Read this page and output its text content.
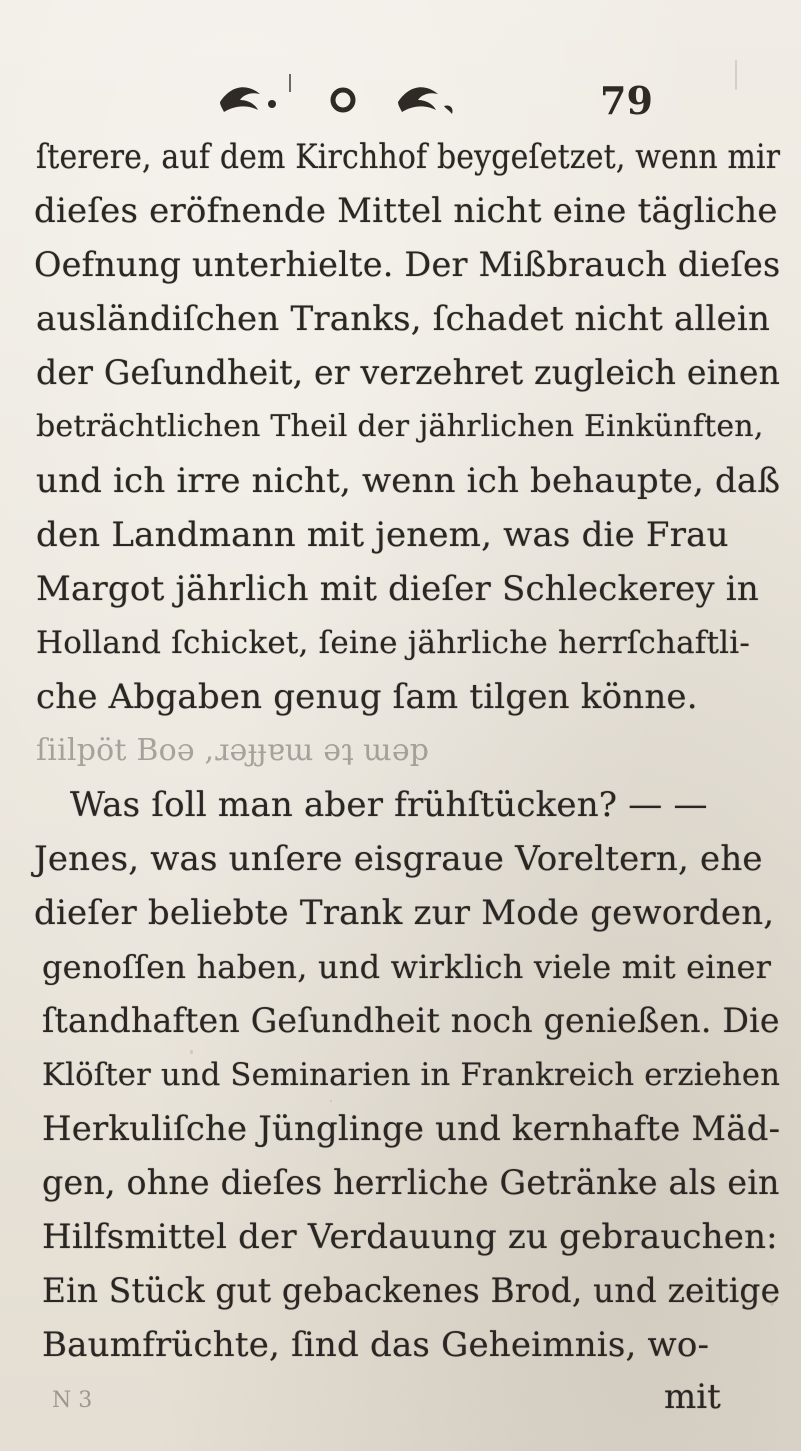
79
ſterere, auf dem Kirchhof beygeſetzet, wenn mir
dieſes eröfnende Mittel nicht eine tägliche
Oefnung unterhielte. Der Mißbrauch dieſes
ausländiſchen Tranks, ſchadet nicht allein
der Geſundheit, er verzehret zugleich einen
beträchtlichen Theil der jährlichen Einkünften,
und ich irre nicht, wenn ich behaupte, daß
den Landmann mit jenem, was die Frau
Margot jährlich mit dieſer Schleckerey in
Holland ſchicket, ſeine jährliche herrſchaftli-
che Abgaben genug ſam tilgen könne.
ſiilpöt Boǝ ,ɹǝɟɟɐɯ ǝʇ ɯǝp
Was ſoll man aber frühſtücken? — —
Jenes, was unſere eisgraue Voreltern, ehe
dieſer beliebte Trank zur Mode geworden,
genoſſen haben, und wirklich viele mit einer
ſtandhaften Geſundheit noch genießen. Die
Klöſter und Seminarien in Frankreich erziehen
Herkuliſche Jünglinge und kernhafte Mäd-
gen, ohne dieſes herrliche Getränke als ein
Hilfsmittel der Verdauung zu gebrauchen:
Ein Stück gut gebackenes Brod, und zeitige
Baumfrüchte, ſind das Geheimnis, wo-
N 3	mit
